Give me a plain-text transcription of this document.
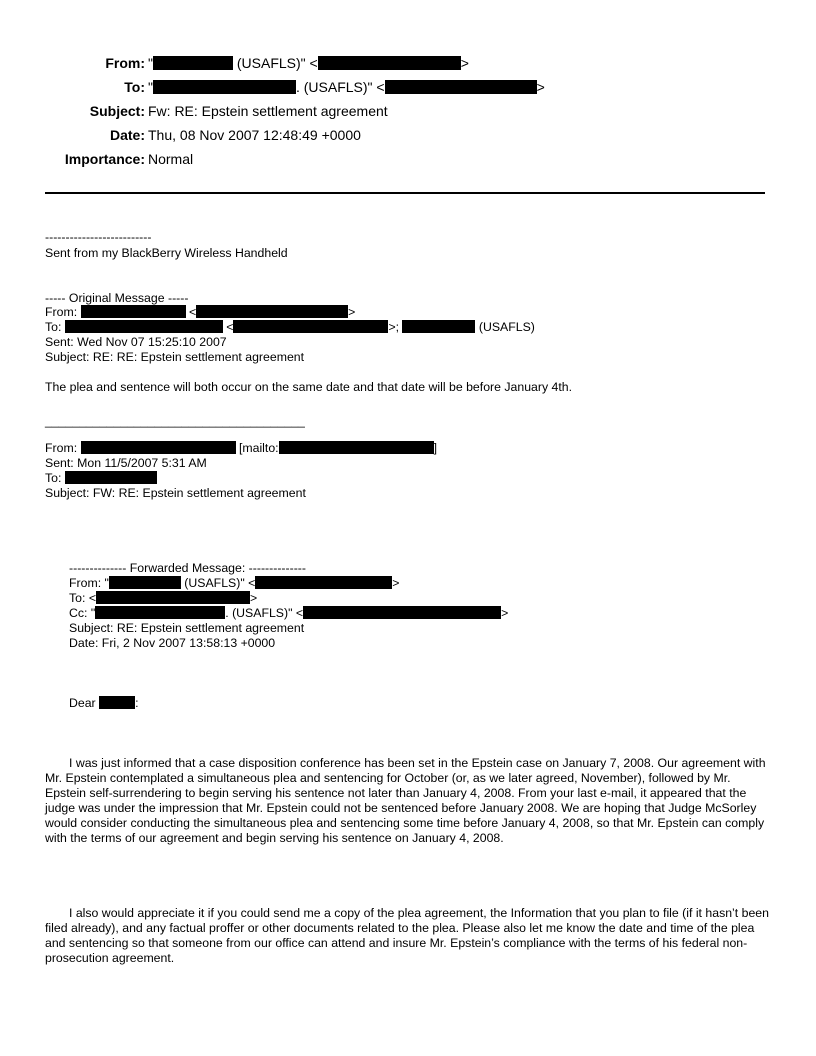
From: "	(USAFLS)" <	>
To: "	. (USAFLS)" <	>
Subject: Fw: RE: Epstein settlement agreement
Date: Thu, 08 Nov 2007 12:48:49 +0000
Importance: Normal
--------------------------
Sent from my BlackBerry Wireless Handheld
----- Original Message -----
From:	<	>
To:	<	>;	(USAFLS)
Sent: Wed Nov 07 15:25:10 2007
Subject: RE: RE: Epstein settlement agreement
The plea and sentence will both occur on the same date and that date will be before January 4th.
______________________________________
From:	[mailto:	]
Sent: Mon 11/5/2007 5:31 AM
To:
Subject: FW: RE: Epstein settlement agreement
-------------- Forwarded Message: --------------
From: "	(USAFLS)" <	>
To: <	>
Cc: "	. (USAFLS)" <	>
Subject: RE: Epstein settlement agreement
Date: Fri, 2 Nov 2007 13:58:13 +0000
Dear	:
I was just informed that a case disposition conference has been set in the Epstein case on January 7, 2008. Our agreement with Mr. Epstein contemplated a simultaneous plea and sentencing for October (or, as we later agreed, November), followed by Mr. Epstein self-surrendering to begin serving his sentence not later than January 4, 2008. From your last e-mail, it appeared that the judge was under the impression that Mr. Epstein could not be sentenced before January 2008. We are hoping that Judge McSorley would consider conducting the simultaneous plea and sentencing some time before January 4, 2008, so that Mr. Epstein can comply with the terms of our agreement and begin serving his sentence on January 4, 2008.
I also would appreciate it if you could send me a copy of the plea agreement, the Information that you plan to file (if it hasn’t been filed already), and any factual proffer or other documents related to the plea. Please also let me know the date and time of the plea and sentencing so that someone from our office can attend and insure Mr. Epstein’s compliance with the terms of his federal non-prosecution agreement.
